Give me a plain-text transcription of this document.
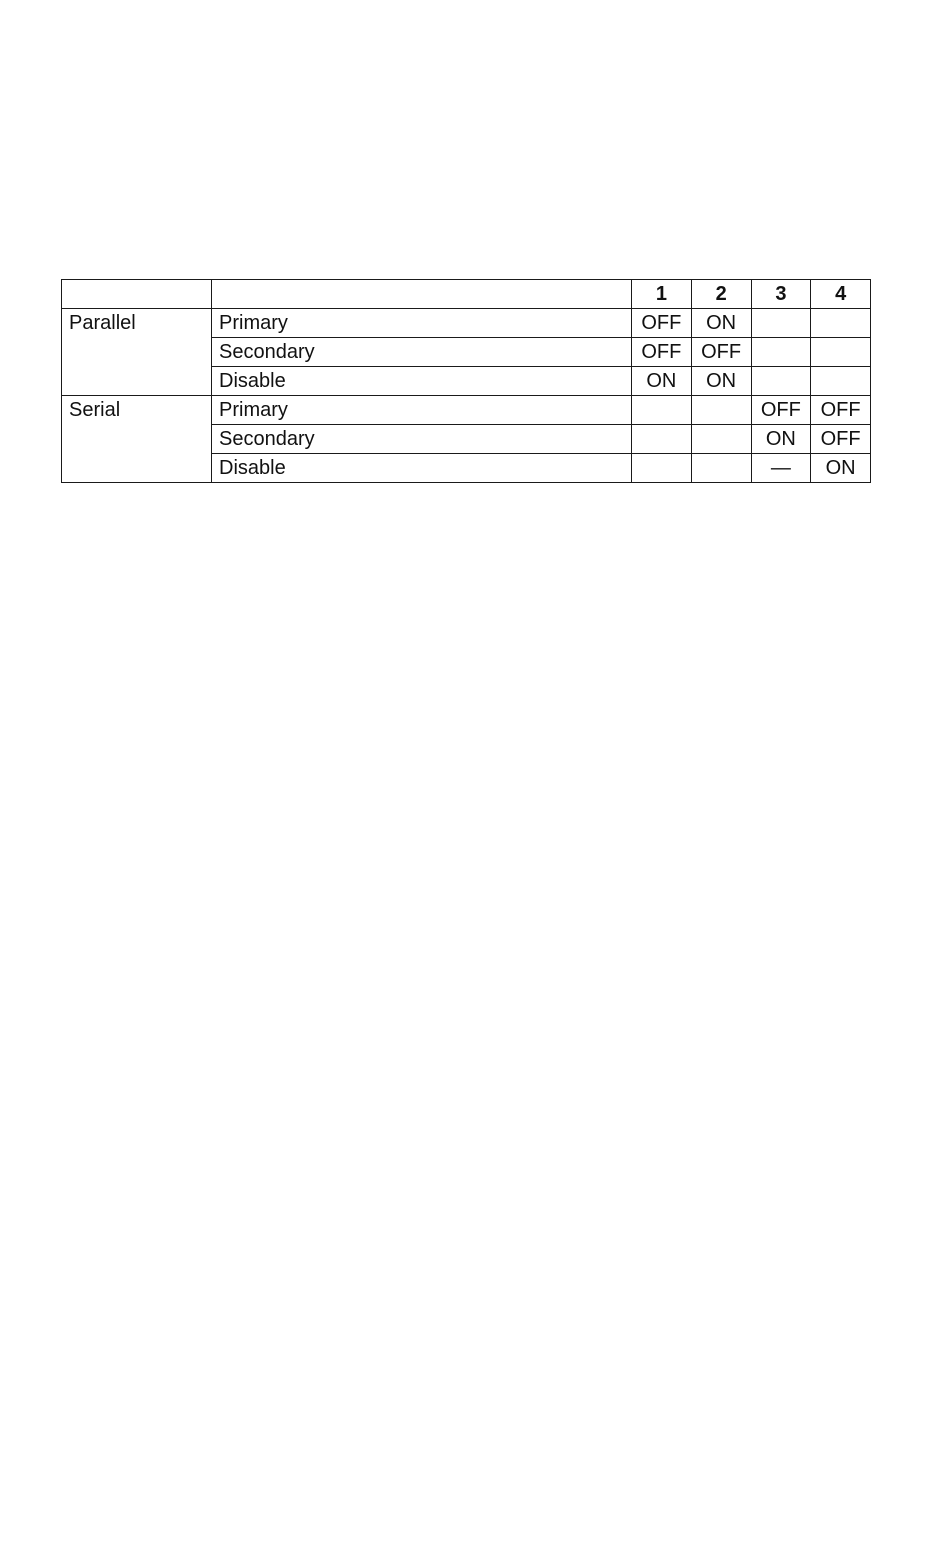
		1	2	3	4
Parallel	Primary	OFF	ON		
	Secondary	OFF	OFF		
	Disable	ON	ON		
Serial	Primary			OFF	OFF
	Secondary			ON	OFF
	Disable			—	ON
